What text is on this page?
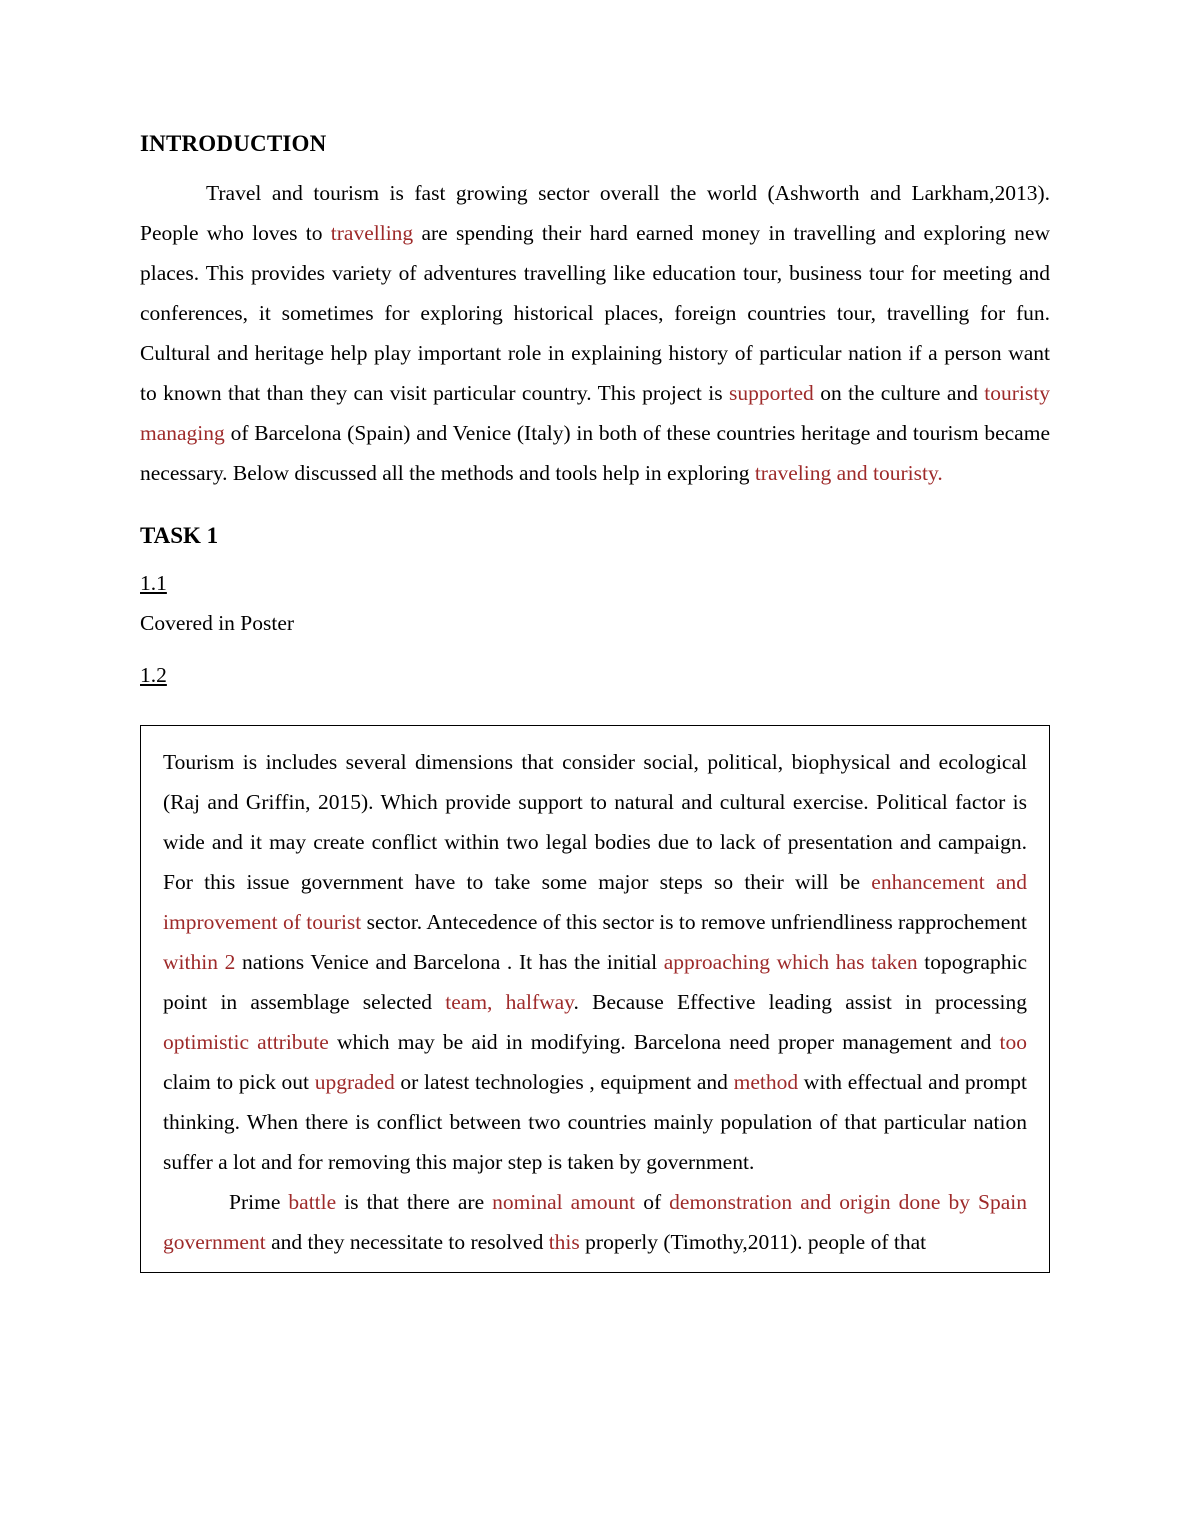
INTRODUCTION

Travel and tourism is fast growing sector overall the world (Ashworth and Larkham,2013). People who loves to travelling are spending their hard earned money in travelling and exploring new places. This provides variety of adventures travelling like education tour, business tour for meeting and conferences, it sometimes for exploring historical places, foreign countries tour, travelling for fun. Cultural and heritage help play important role in explaining history of particular nation if a person want to known that than they can visit particular country. This project is supported on the culture and touristy managing of Barcelona (Spain) and Venice (Italy) in both of these countries heritage and tourism became necessary. Below discussed all the methods and tools help in exploring traveling and touristy.

TASK 1

1.1

Covered in Poster

1.2

Tourism is includes several dimensions that consider social, political, biophysical and ecological (Raj and Griffin, 2015). Which provide support to natural and cultural exercise. Political factor is wide and it may create conflict within two legal bodies due to lack of presentation and campaign. For this issue government have to take some major steps so their will be enhancement and improvement of tourist sector. Antecedence of this sector is to remove unfriendliness rapprochement within 2 nations Venice and Barcelona . It has the initial approaching which has taken topographic point in assemblage selected team, halfway. Because Effective leading assist in processing optimistic attribute which may be aid in modifying. Barcelona need proper management and too claim to pick out upgraded or latest technologies , equipment and method with effectual and prompt thinking. When there is conflict between two countries mainly population of that particular nation suffer a lot and for removing this major step is taken by government.

Prime battle is that there are nominal amount of demonstration and origin done by Spain government and they necessitate to resolved this properly (Timothy,2011). people of that
